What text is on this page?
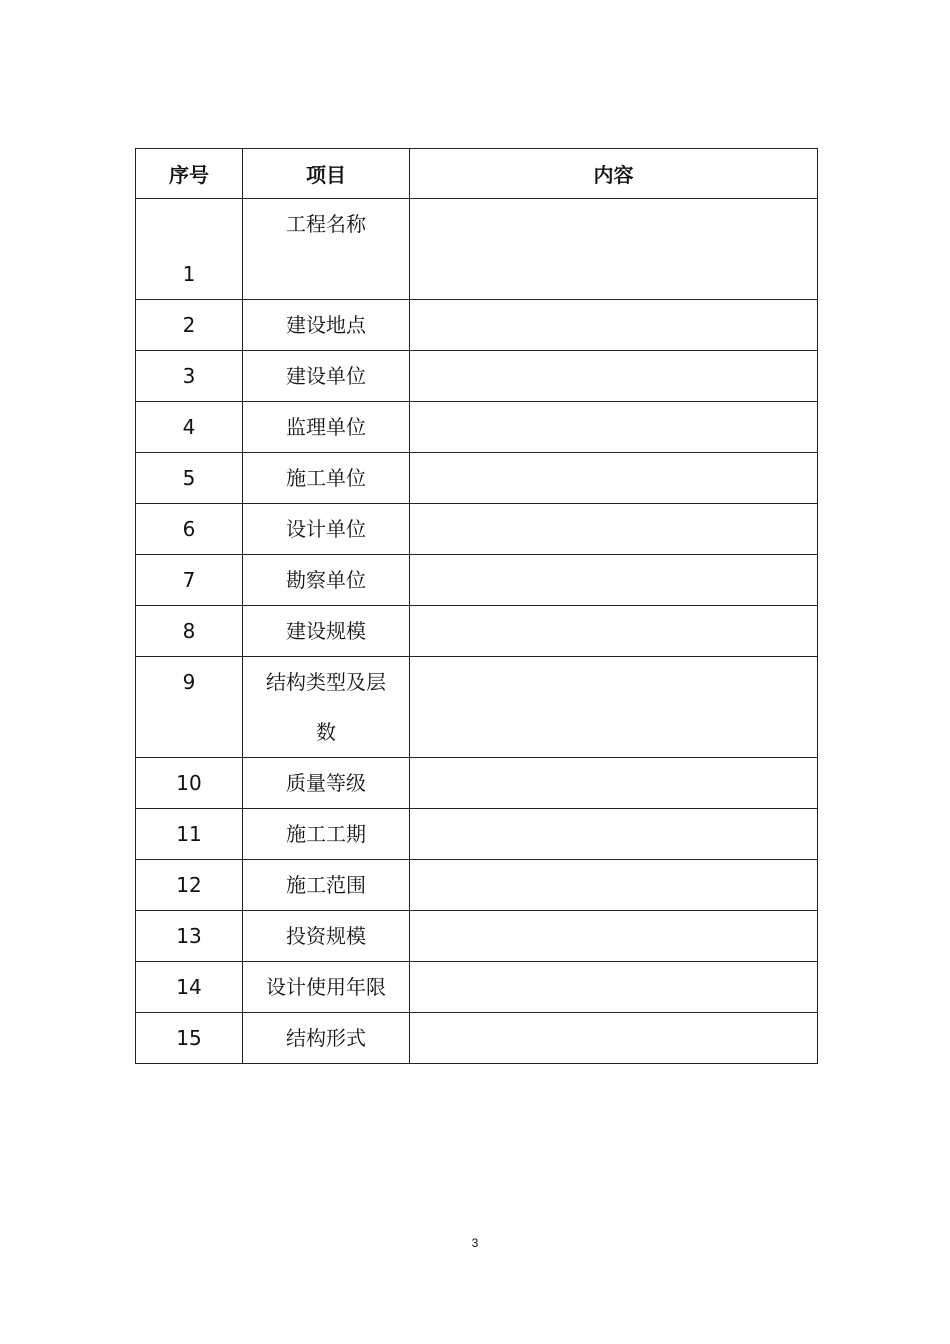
序号	项目	内容
1	工程名称	
2	建设地点	
3	建设单位	
4	监理单位	
5	施工单位	
6	设计单位	
7	勘察单位	
8	建设规模	
9	结构类型及层数	
10	质量等级	
11	施工工期	
12	施工范围	
13	投资规模	
14	设计使用年限	
15	结构形式	
3
